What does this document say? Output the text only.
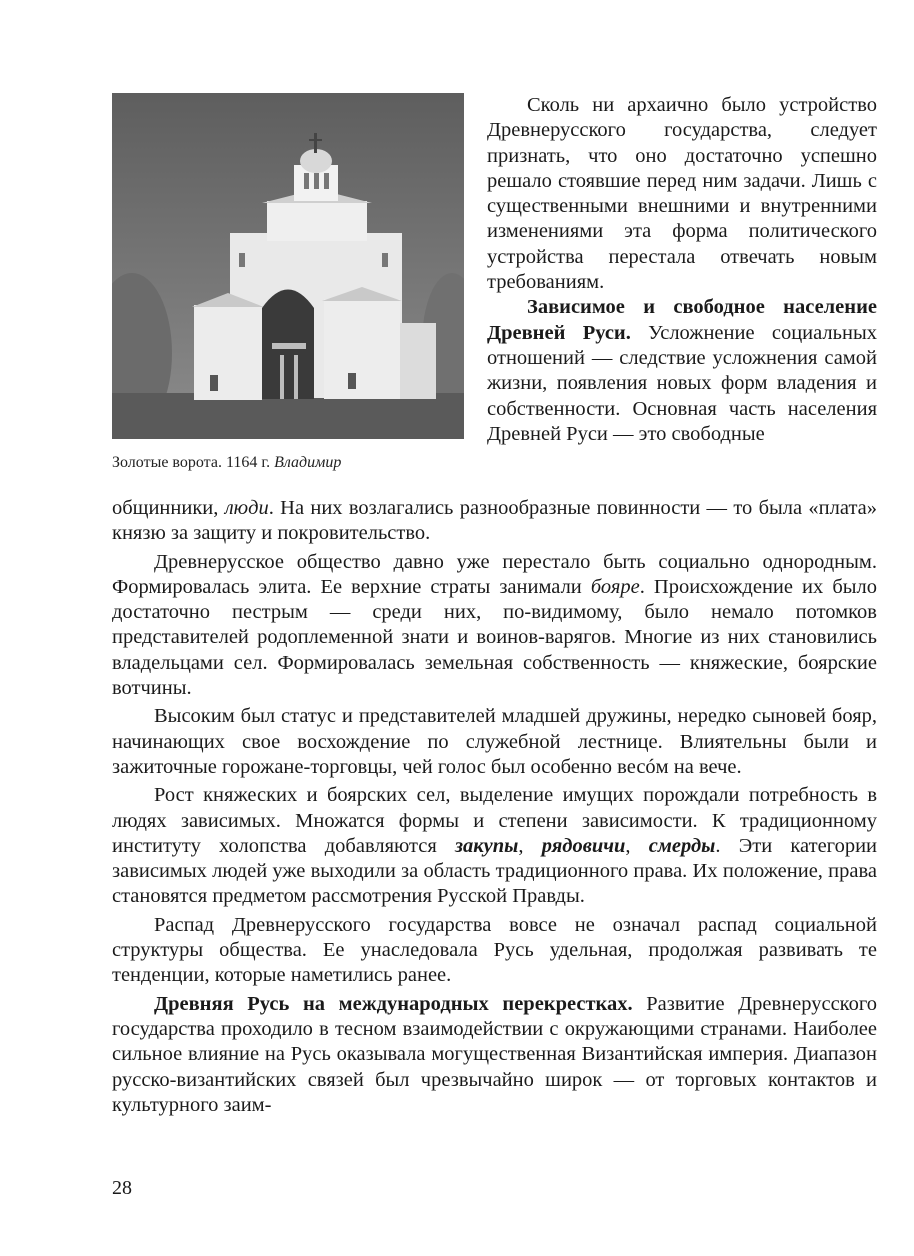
Золотые ворота. 1164 г. Владимир

Сколь ни архаично было устройство Древнерусского государства, следует признать, что оно достаточно успешно решало стоявшие перед ним задачи. Лишь с существенными внешними и внутренними изменениями эта форма политического устройства перестала отвечать новым требованиям.

Зависимое и свободное население Древней Руси. Усложнение социальных отношений — следствие усложнения самой жизни, появления новых форм владения и собственности. Основная часть населения Древней Руси — это свободные

общинники, люди. На них возлагались разнообразные повинности — то была «плата» князю за защиту и покровительство.

Древнерусское общество давно уже перестало быть социально однородным. Формировалась элита. Ее верхние страты занимали бояре. Происхождение их было достаточно пестрым — среди них, по-видимому, было немало потомков представителей родоплеменной знати и воинов-варягов. Многие из них становились владельцами сел. Формировалась земельная собственность — княжеские, боярские вотчины.

Высоким был статус и представителей младшей дружины, нередко сыновей бояр, начинающих свое восхождение по служебной лестнице. Влиятельны были и зажиточные горожане-торговцы, чей голос был особенно весóм на вече.

Рост княжеских и боярских сел, выделение имущих порождали потребность в людях зависимых. Множатся формы и степени зависимости. К традиционному институту холопства добавляются закупы, рядовичи, смерды. Эти категории зависимых людей уже выходили за область традиционного права. Их положение, права становятся предметом рассмотрения Русской Правды.

Распад Древнерусского государства вовсе не означал распад социальной структуры общества. Ее унаследовала Русь удельная, продолжая развивать те тенденции, которые наметились ранее.

Древняя Русь на международных перекрестках. Развитие Древнерусского государства проходило в тесном взаимодействии с окружающими странами. Наиболее сильное влияние на Русь оказывала могущественная Византийская империя. Диапазон русско-византийских связей был чрезвычайно широк — от торговых контактов и культурного заим-

28
